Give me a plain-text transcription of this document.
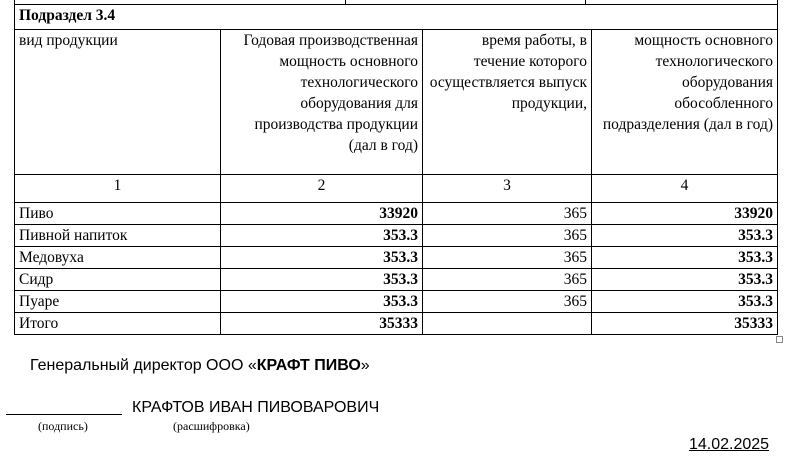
Подраздел 3.4			
вид продукции	Годовая производственная мощность основного технологического оборудования для производства продукции (дал в год)	время работы, в течение которого осуществляется выпуск продукции,	мощность основного технологического оборудования обособленного подразделения (дал в год)
1	2	3	4
Пиво	33920	365	33920
Пивной напиток	353.3	365	353.3
Медовуха	353.3	365	353.3
Сидр	353.3	365	353.3
Пуаре	353.3	365	353.3
Итого	35333		35333
Генеральный директор ООО «КРАФТ ПИВО»
КРАФТОВ ИВАН ПИВОВАРОВИЧ
(подпись)	(расшифровка)
14.02.2025
